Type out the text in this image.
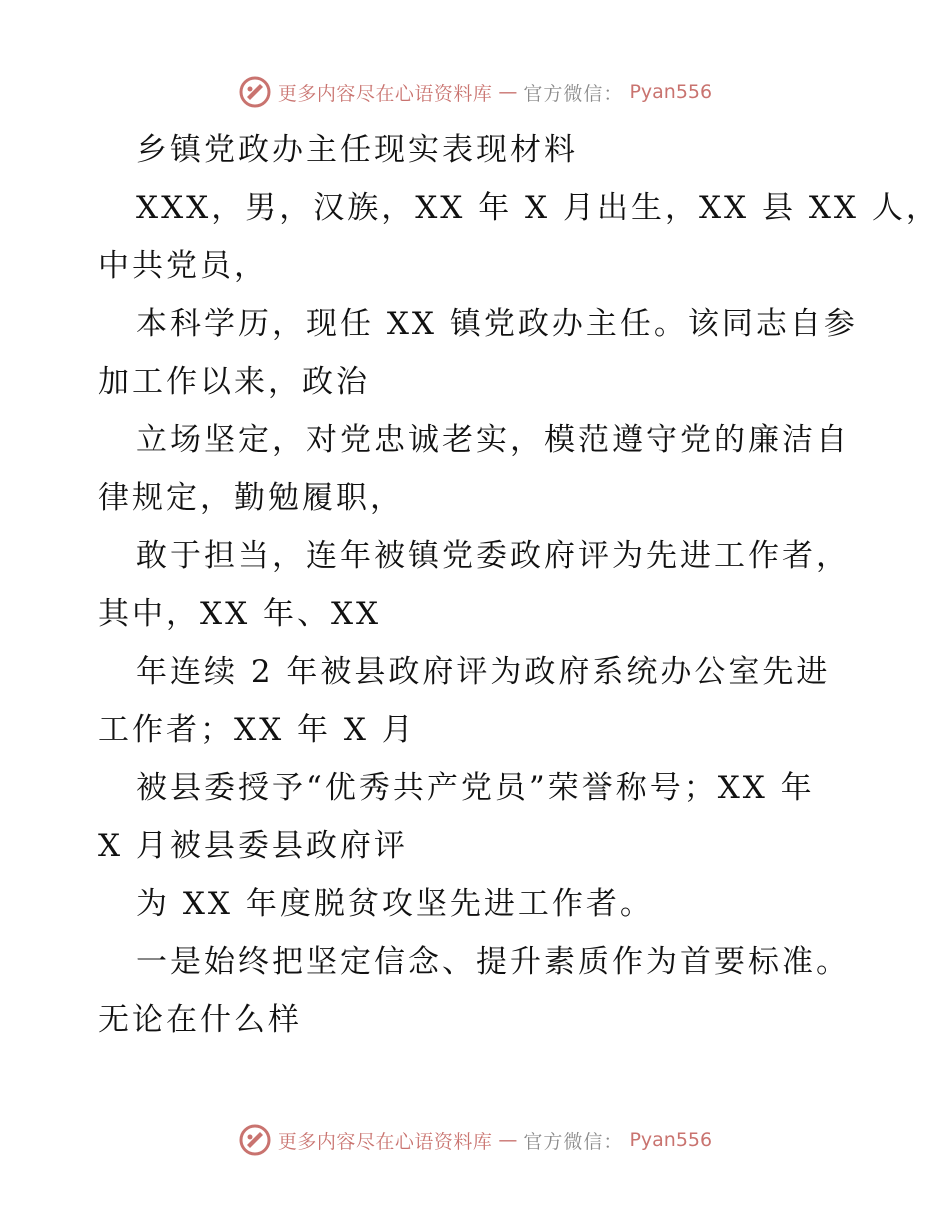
更多内容尽在心语资料库 — 官方微信： Pyan556
乡镇党政办主任现实表现材料
XXX，男，汉族，XX 年 X 月出生，XX 县 XX 人，
中共党员，
本科学历，现任 XX 镇党政办主任。该同志自参
加工作以来，政治
立场坚定，对党忠诚老实，模范遵守党的廉洁自
律规定，勤勉履职，
敢于担当，连年被镇党委政府评为先进工作者，
其中，XX 年、XX
年连续 2 年被县政府评为政府系统办公室先进
工作者；XX 年 X 月
被县委授予“优秀共产党员”荣誉称号；XX 年
X 月被县委县政府评
为 XX 年度脱贫攻坚先进工作者。
一是始终把坚定信念、提升素质作为首要标准。
无论在什么样
更多内容尽在心语资料库 — 官方微信： Pyan556
